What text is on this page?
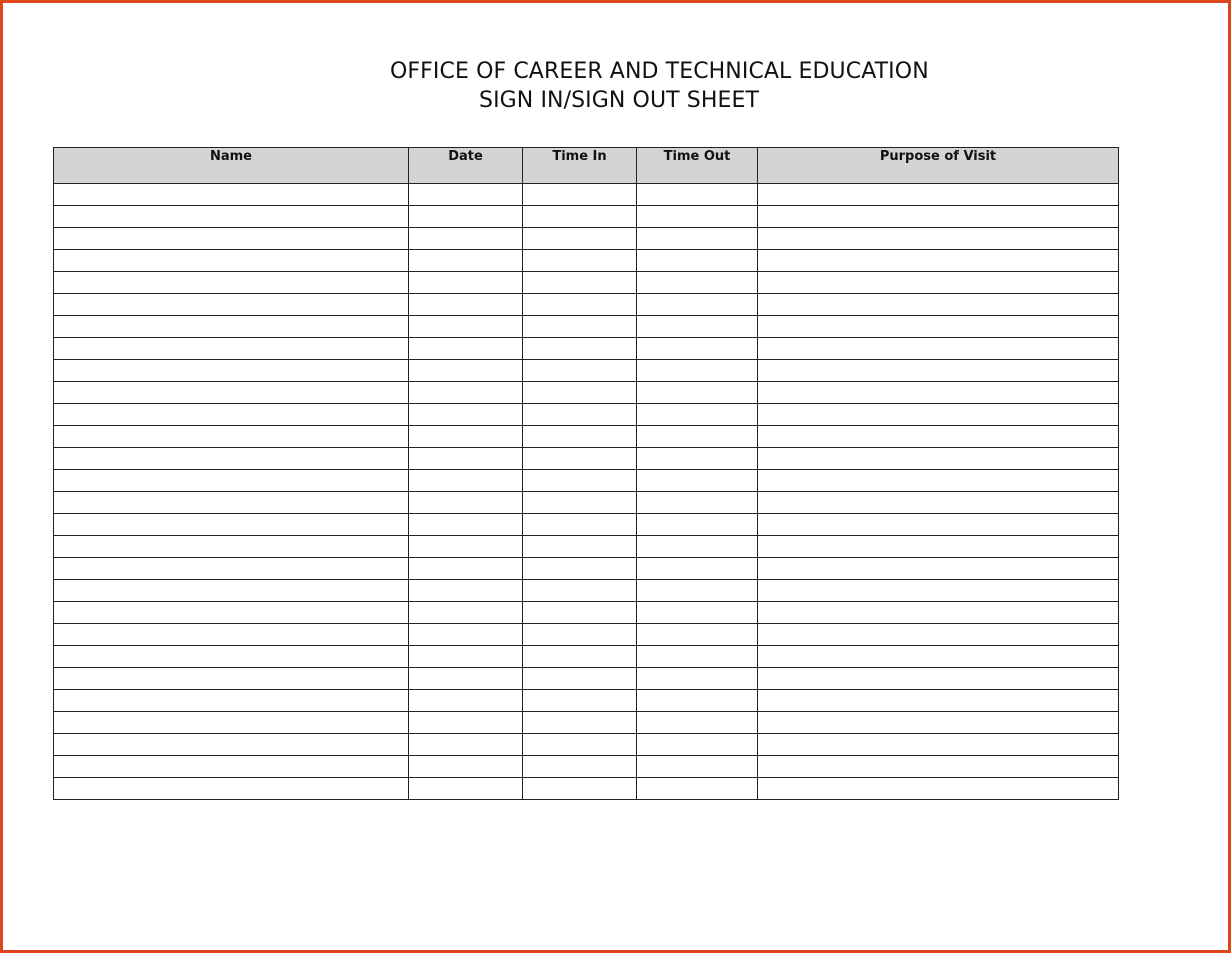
OFFICE OF CAREER AND TECHNICAL EDUCATION
SIGN IN/SIGN OUT SHEET
Name	Date	Time In	Time Out	Purpose of Visit
